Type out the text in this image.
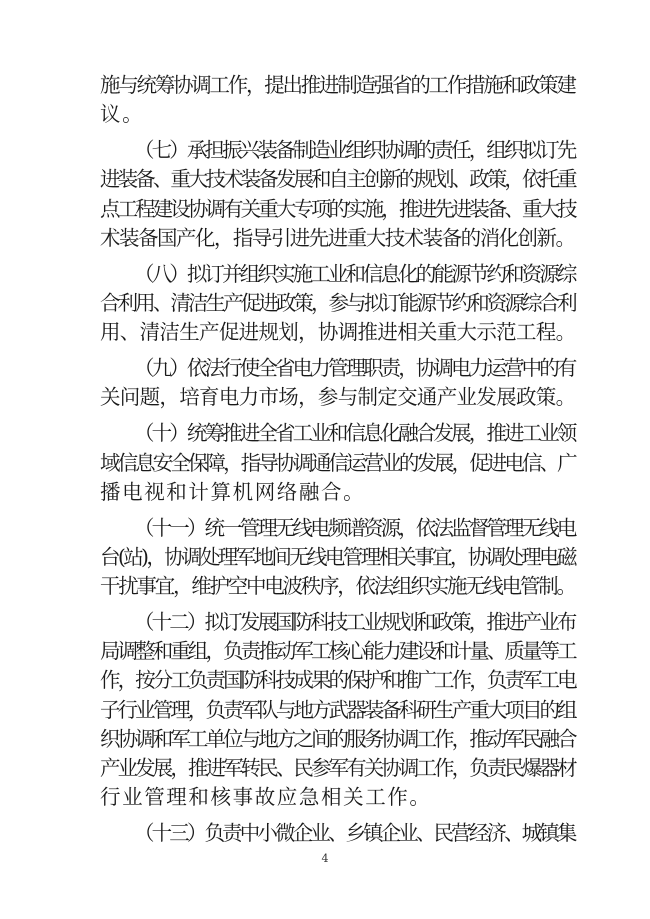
施与统筹协调工作，提出推进制造强省的工作措施和政策建
议。
（七）承担振兴装备制造业组织协调的责任，组织拟订先
进装备、重大技术装备发展和自主创新的规划、政策，依托重
点工程建设协调有关重大专项的实施，推进先进装备、重大技
术装备国产化，指导引进先进重大技术装备的消化创新。
（八）拟订并组织实施工业和信息化的能源节约和资源综
合利用、清洁生产促进政策，参与拟订能源节约和资源综合利
用、清洁生产促进规划，协调推进相关重大示范工程。
（九）依法行使全省电力管理职责，协调电力运营中的有
关问题，培育电力市场，参与制定交通产业发展政策。
（十）统筹推进全省工业和信息化融合发展，推进工业领
域信息安全保障，指导协调通信运营业的发展，促进电信、广
播电视和计算机网络融合。
（十一）统一管理无线电频谱资源，依法监督管理无线电
台(站)，协调处理军地间无线电管理相关事宜，协调处理电磁
干扰事宜，维护空中电波秩序，依法组织实施无线电管制。
（十二）拟订发展国防科技工业规划和政策，推进产业布
局调整和重组，负责推动军工核心能力建设和计量、质量等工
作，按分工负责国防科技成果的保护和推广工作，负责军工电
子行业管理，负责军队与地方武器装备科研生产重大项目的组
织协调和军工单位与地方之间的服务协调工作，推动军民融合
产业发展，推进军转民、民参军有关协调工作，负责民爆器材
行业管理和核事故应急相关工作。
（十三）负责中小微企业、乡镇企业、民营经济、城镇集
4
